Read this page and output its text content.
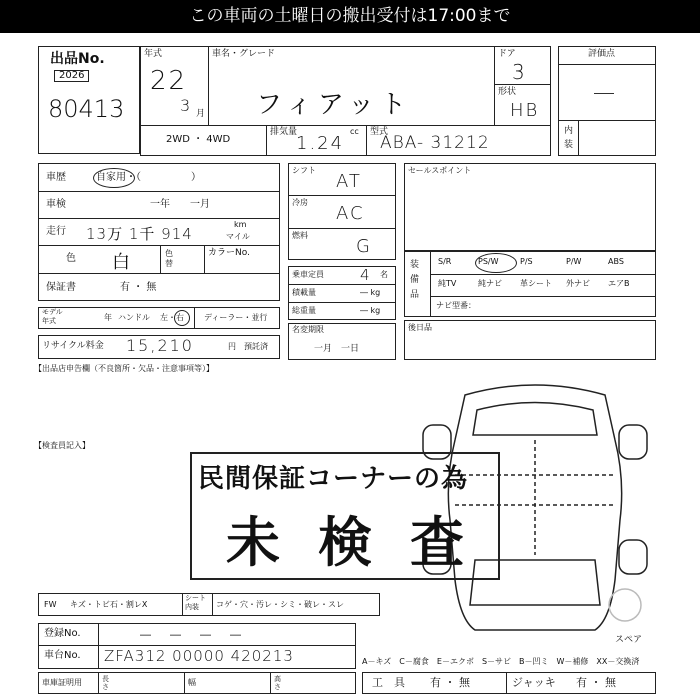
この車両の土曜日の搬出受付は17:00まで
出品No.
2026
80413
年式
22
3 月
車名・グレード
フィアット
ドア
3
形状
HB
2WD ・ 4WD
排気量
1.24
cc 型式
ABA- 31212
評価点
―
内装
車歴	自家用・（　　　　　）
車検	一年　　一月
走行 13万 1千 914
km
マイル
色 白	色替
カラーNo.
保証書	有 ・ 無
モデル年式	年 ハンドル 左・右	ディーラー・並行
リサイクル料金 15,210	円 預託済
シフト
AT
冷房
AC
燃料
G
乗車定員 4 名
積載量	― kg
総重量	― kg
名変期限
一月　一日
セールスポイント
装備品
ナビ型番：
後日品
【出品店申告欄（不良箇所・欠品・注意事項等）】
【検査員記入】
スペア
民間保証コーナーの為
未検査
FW キズ・トビ石・割レX
シート内装	コゲ・穴・汚レ・シミ・破レ・スレ
登録No.	―　―　―　―
車台No. ZFA312 00000 420213
車庫証明用	長さ	幅	高さ
A－キズ　C－腐食　E－エクボ　S－サビ　B－凹ミ　W－補修　XX－交換済
工　具 有 ・ 無	ジャッキ 有 ・ 無
S/R	PS/W	P/S	P/W	ABS
純TV	純ナビ 革シート 外ナビ エアB
